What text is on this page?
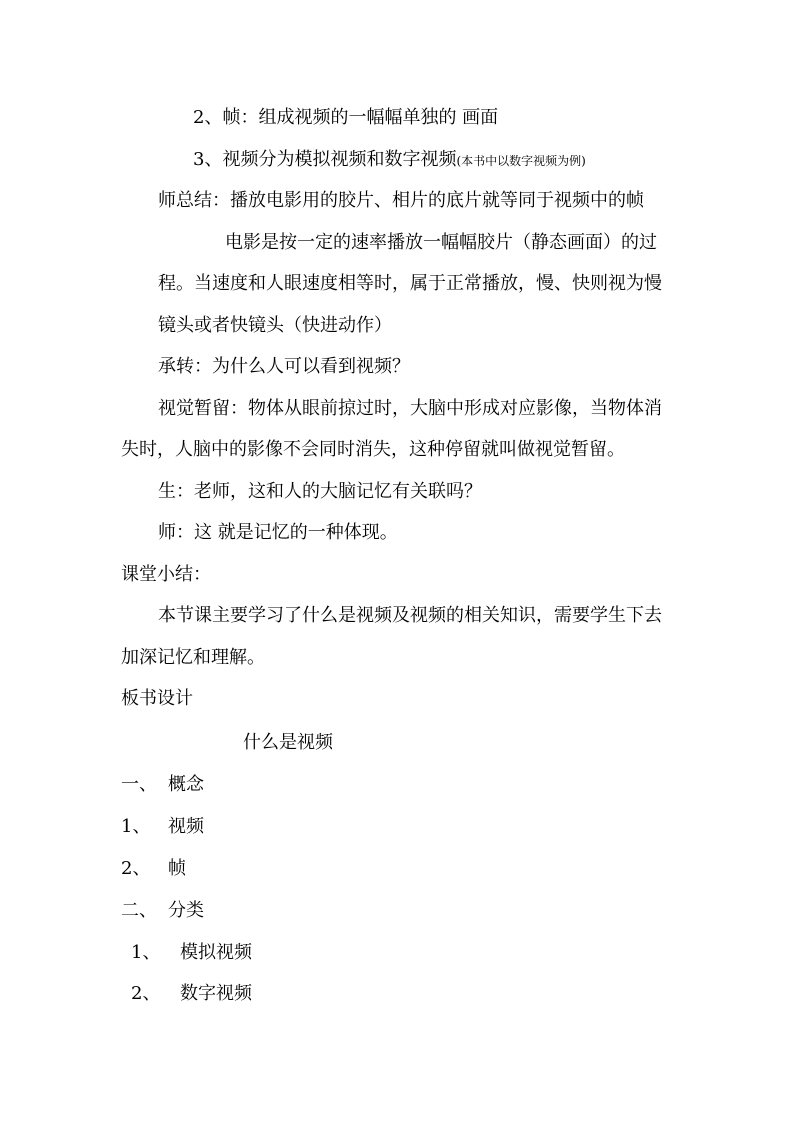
2、帧：组成视频的一幅幅单独的 画面
3、视频分为模拟视频和数字视频(本书中以数字视频为例)
师总结：播放电影用的胶片、相片的底片就等同于视频中的帧
电影是按一定的速率播放一幅幅胶片（静态画面）的过
程。当速度和人眼速度相等时，属于正常播放，慢、快则视为慢
镜头或者快镜头（快进动作）
承转：为什么人可以看到视频？
视觉暂留：物体从眼前掠过时，大脑中形成对应影像，当物体消
失时，人脑中的影像不会同时消失，这种停留就叫做视觉暂留。
生：老师，这和人的大脑记忆有关联吗？
师：这 就是记忆的一种体现。
课堂小结：
本节课主要学习了什么是视频及视频的相关知识，需要学生下去
加深记忆和理解。
板书设计
什么是视频
一、 概念
1、 视频
2、 帧
二、 分类
1、 模拟视频
2、 数字视频
